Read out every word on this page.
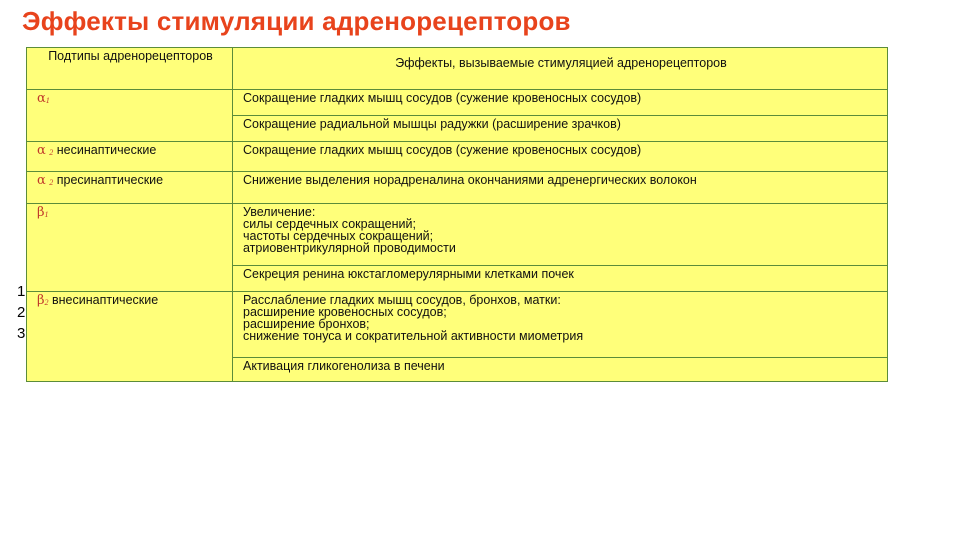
Эффекты стимуляции адренорецепторов
1
2
3
Подтипы адренорецепторов	Эффекты, вызываемые стимуляцией адренорецепторов
α1	Сокращение гладких мышц сосудов (сужение кровеносных сосудов)

	Сокращение радиальной мышцы радужки (расширение зрачков)

α 2 несинаптические	Сокращение гладких мышц сосудов (сужение кровеносных сосудов)

α 2 пресинаптические	Снижение выделения норадреналина окончаниями адренергических волокон

β1	Увеличение:
силы сердечных сокращений;
частоты сердечных сокращений;
атриовентрикулярной проводимости

	Секреция ренина юкстагломерулярными клетками почек

β2 внесинаптические	Расслабление гладких мышц сосудов, бронхов, матки:
расширение кровеносных сосудов;
расширение бронхов;
снижение тонуса и сократительной активности миометрия

	Активация гликогенолиза в печени
